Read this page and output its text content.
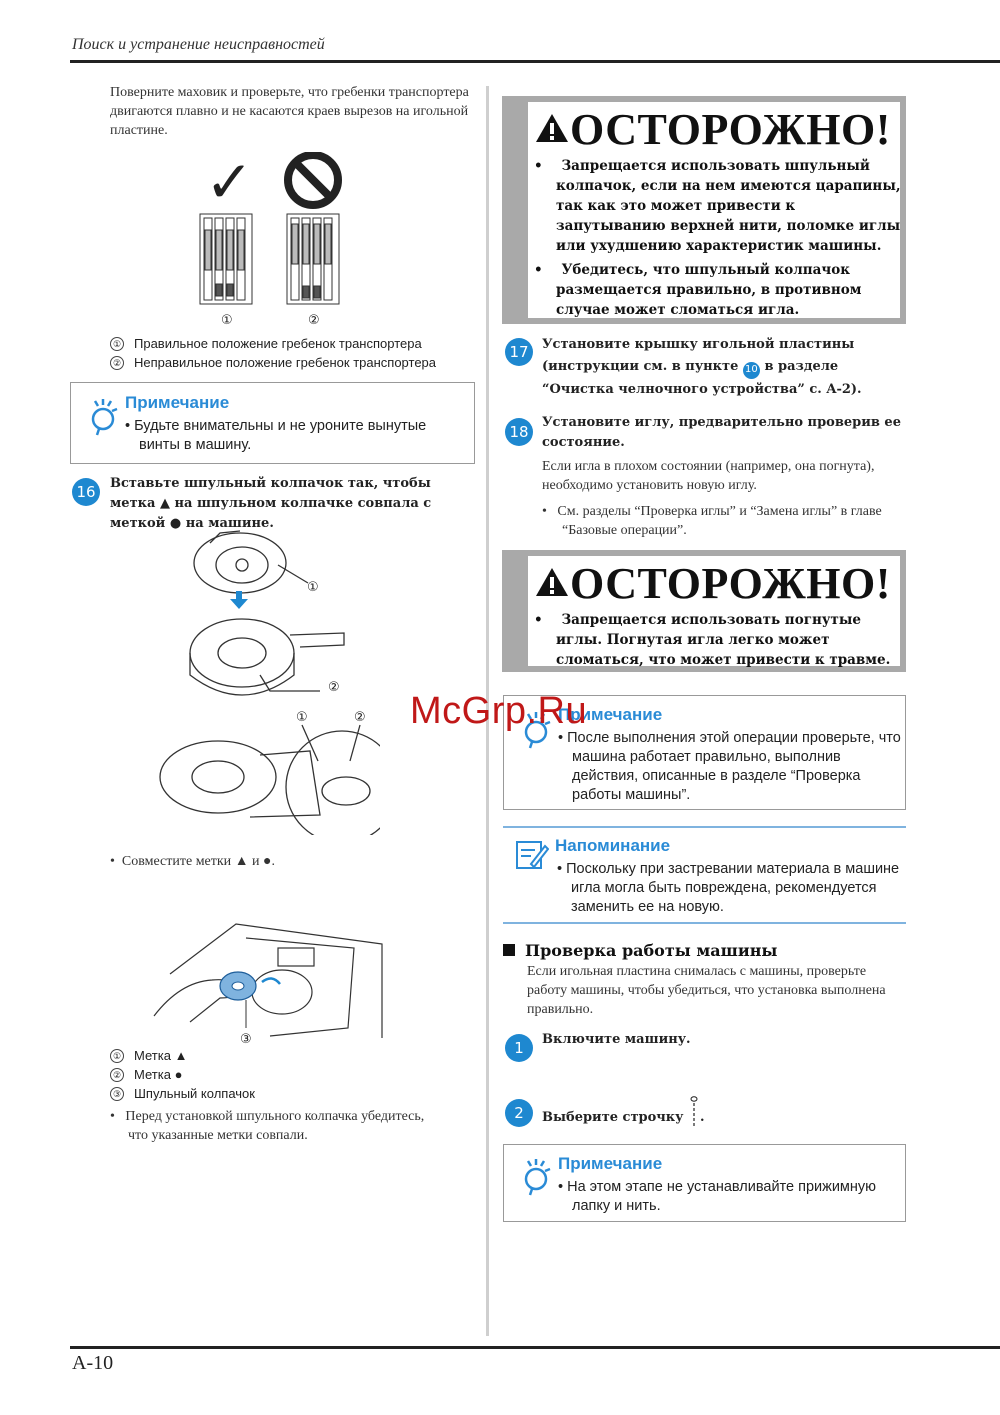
Поиск и устранение неисправностей
A-10
Поверните маховик и проверьте, что гребенки транспортера двигаются плавно и не касаются краев вырезов на игольной пластине.
✓
①	②
① Правильное положение гребенок транспортера
② Неправильное положение гребенок транспортера
Примечание
• Будьте внимательны и не уроните вынутые винты в машину.
16	Вставьте шпульный колпачок так, чтобы метка ▲ на шпульном колпачке совпала с меткой ● на машине.
①
②
①	②
•  Совместите метки ▲ и ●.
③
① Метка ▲
② Метка ●
③ Шпульный колпачок
•   Перед установкой шпульного колпачка убедитесь, что указанные метки совпали.
ОСТОРОЖНО!
•    Запрещается использовать шпульный колпачок, если на нем имеются царапины, так как это может привести к запутыванию верхней нити, поломке иглы или ухудшению характеристик машины.
•    Убедитесь, что шпульный колпачок размещается правильно, в противном случае может сломаться игла.
17	Установите крышку игольной пластины (инструкции см. в пункте 10 в разделе “Очистка челночного устройства” с. A-2).
18
Установите иглу, предварительно проверив ее состояние.
Если игла в плохом состоянии (например, она погнута), необходимо установить новую иглу.
•   См. разделы “Проверка иглы” и “Замена иглы” в главе “Базовые операции”.
ОСТОРОЖНО!
•    Запрещается использовать погнутые иглы. Погнутая игла легко может сломаться, что может привести к травме.
Примечание
• После выполнения этой операции проверьте, что машина работает правильно, выполнив действия, описанные в разделе “Проверка работы машины”.
Напоминание
• Поскольку при застревании материала в машине игла могла быть повреждена, рекомендуется заменить ее на новую.
Проверка работы машины
Если игольная пластина снималась с машины, проверьте работу машины, чтобы убедиться, что установка выполнена правильно.
1	Включите машину.
2	Выберите строчку .
Примечание
• На этом этапе не устанавливайте прижимную лапку и нить.
McGrp.Ru
